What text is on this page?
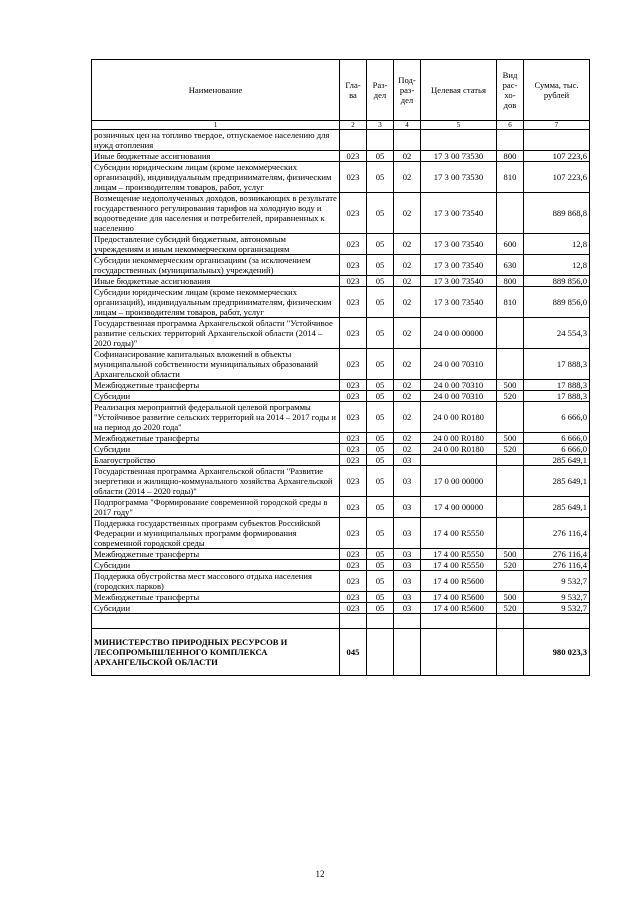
Наименование	Гла-ва	Раз-дел	Под-раз-дел	Целевая статья	Вид рас-хо-дов	Сумма, тыс. рублей
1	2	3	4	5	6	7
розничных цен на топливо твердое, отпускаемое населению для нужд отопления						
Иные бюджетные ассигнования	023	05	02	17 3 00 73530	800	107 223,6
Субсидии юридическим лицам (кроме некоммерческих организаций), индивидуальным предпринимателям, физическим лицам – производителям товаров, работ, услуг	023	05	02	17 3 00 73530	810	107 223,6
Возмещение недополученных доходов, возникающих в результате государственного регулирования тарифов на холодную воду и водоотведение для населения и потребителей, приравненных к населению	023	05	02	17 3 00 73540		889 868,8
Предоставление субсидий бюджетным, автономным учреждениям и иным некоммерческим организациям	023	05	02	17 3 00 73540	600	12,8
Субсидии некоммерческим организациям (за исключением государственных (муниципальных) учреждений)	023	05	02	17 3 00 73540	630	12,8
Иные бюджетные ассигнования	023	05	02	17 3 00 73540	800	889 856,0
Субсидии юридическим лицам (кроме некоммерческих организаций), индивидуальным предпринимателям, физическим лицам – производителям товаров, работ, услуг	023	05	02	17 3 00 73540	810	889 856,0
Государственная программа Архангельской области "Устойчивое развитие сельских территорий Архангельской области (2014 – 2020 годы)"	023	05	02	24 0 00 00000		24 554,3
Софинансирование капитальных вложений в объекты муниципальной собственности муниципальных образований Архангельской области	023	05	02	24 0 00 70310		17 888,3
Межбюджетные трансферты	023	05	02	24 0 00 70310	500	17 888,3
Субсидии	023	05	02	24 0 00 70310	520	17 888,3
Реализация мероприятий федеральной целевой программы "Устойчивое развитие сельских территорий на 2014 – 2017 годы и на период до 2020 года"	023	05	02	24 0 00 R0180		6 666,0
Межбюджетные трансферты	023	05	02	24 0 00 R0180	500	6 666,0
Субсидии	023	05	02	24 0 00 R0180	520	6 666,0
Благоустройство	023	05	03			285 649,1
Государственная программа Архангельской области "Развитие энергетики и жилищно-коммунального хозяйства Архангельской области (2014 – 2020 годы)"	023	05	03	17 0 00 00000		285 649,1
Подпрограмма "Формирование современной городской среды в 2017 году"	023	05	03	17 4 00 00000		285 649,1
Поддержка государственных программ субъектов Российской Федерации и муниципальных программ формирования современной городской среды	023	05	03	17 4 00 R5550		276 116,4
Межбюджетные трансферты	023	05	03	17 4 00 R5550	500	276 116,4
Субсидии	023	05	03	17 4 00 R5550	520	276 116,4
Поддержка обустройства мест массового отдыха населения (городских парков)	023	05	03	17 4 00 R5600		9 532,7
Межбюджетные трансферты	023	05	03	17 4 00 R5600	500	9 532,7
Субсидии	023	05	03	17 4 00 R5600	520	9 532,7

МИНИСТЕРСТВО ПРИРОДНЫХ РЕСУРСОВ И ЛЕСОПРОМЫШЛЕННОГО КОМПЛЕКСА АРХАНГЕЛЬСКОЙ ОБЛАСТИ	045					980 023,3
12
